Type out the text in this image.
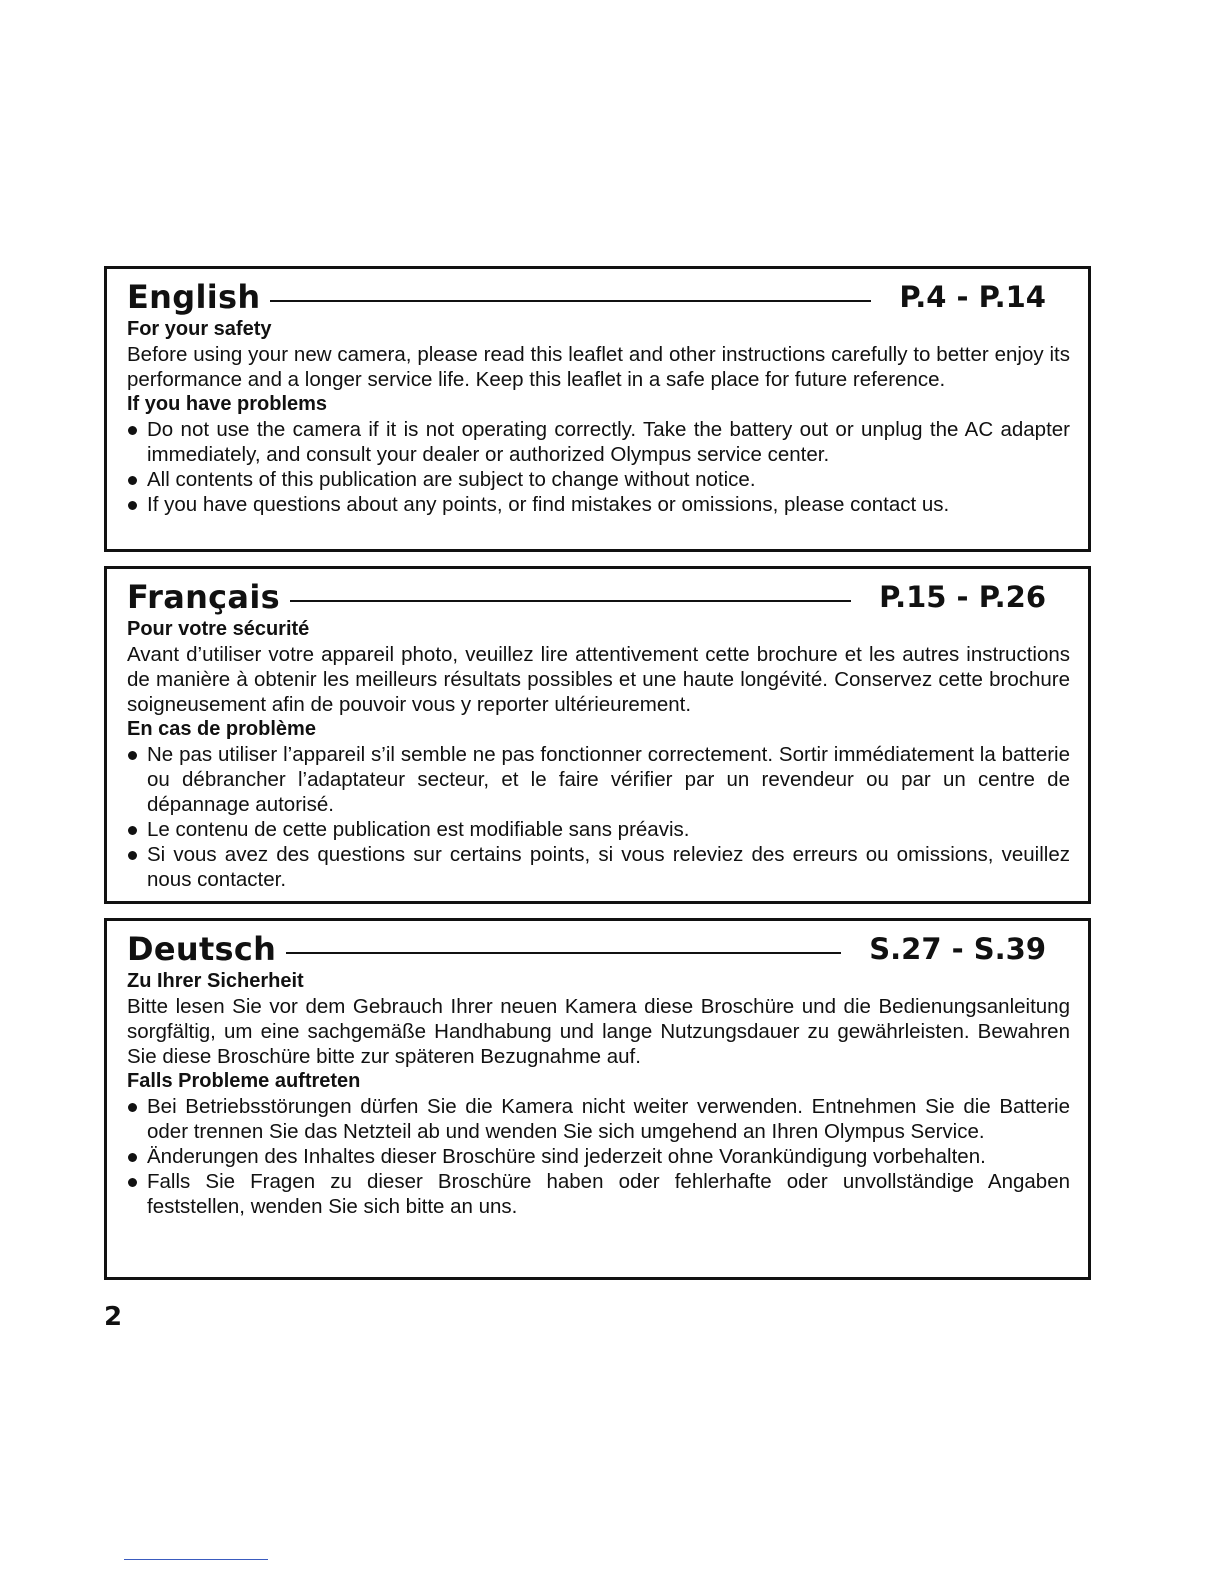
English	P.4 - P.14
For your safety
Before using your new camera, please read this leaflet and other instructions carefully to better enjoy its performance and a longer service life. Keep this leaflet in a safe place for future reference.
If you have problems
Do not use the camera if it is not operating correctly. Take the battery out or unplug the AC adapter immediately, and consult your dealer or authorized Olympus service center.
All contents of this publication are subject to change without notice.
If you have questions about any points, or find mistakes or omissions, please contact us.
Français	P.15 - P.26
Pour votre sécurité
Avant d’utiliser votre appareil photo, veuillez lire attentivement cette brochure et les autres instructions de manière à obtenir les meilleurs résultats possibles et une haute longévité. Conservez cette brochure soigneusement afin de pouvoir vous y reporter ultérieurement.
En cas de problème
Ne pas utiliser l’appareil s’il semble ne pas fonctionner correctement. Sortir immédiatement la batterie ou débrancher l’adaptateur secteur, et le faire vérifier par un revendeur ou par un centre de dépannage autorisé.
Le contenu de cette publication est modifiable sans préavis.
Si vous avez des questions sur certains points, si vous releviez des erreurs ou omissions, veuillez nous contacter.
Deutsch	S.27 - S.39
Zu Ihrer Sicherheit
Bitte lesen Sie vor dem Gebrauch Ihrer neuen Kamera diese Broschüre und die Bedienungsanleitung sorgfältig, um eine sachgemäße Handhabung und lange Nutzungsdauer zu gewährleisten. Bewahren Sie diese Broschüre bitte zur späteren Bezugnahme auf.
Falls Probleme auftreten
Bei Betriebsstörungen dürfen Sie die Kamera nicht weiter verwenden. Entnehmen Sie die Batterie oder trennen Sie das Netzteil ab und wenden Sie sich umgehend an Ihren Olympus Service.
Änderungen des Inhaltes dieser Broschüre sind jederzeit ohne Vorankündigung vorbehalten.
Falls Sie Fragen zu dieser Broschüre haben oder fehlerhafte oder unvollständige Angaben feststellen, wenden Sie sich bitte an uns.
2
